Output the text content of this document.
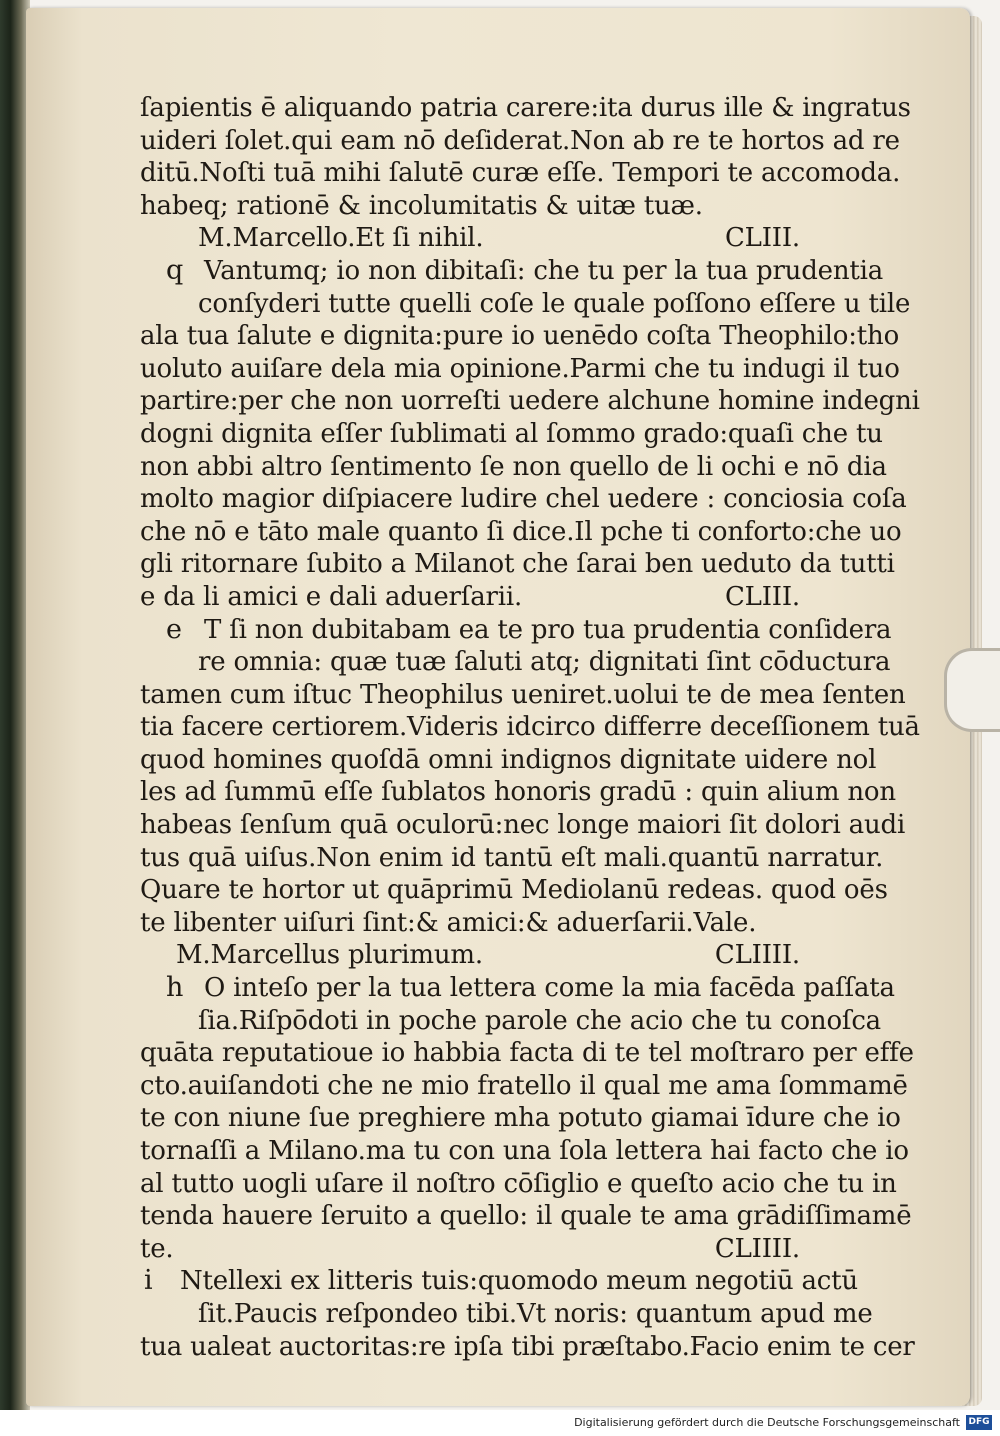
ſapientis ē aliquando patria carere:ita durus ille & ingratus
uideri ſolet.qui eam nō deſiderat.Non ab re te hortos ad re
ditū.Noſti tuā mihi ſalutē curæ eſſe. Tempori te accomoda.
habeq; rationē & incolumitatis & uitæ tuæ.
M.Marcello.Et ſi nihil.	CLIII.
q Vantumq; io non dibitaſi: che tu per la tua prudentia
conſyderi tutte quelli coſe le quale poſſono eſſere u tile
ala tua ſalute e dignita:pure io uenēdo coſta Theophilo:tho
uoluto auiſare dela mia opinione.Parmi che tu indugi il tuo
partire:per che non uorreſti uedere alchune homine indegni
dogni dignita eſſer ſublimati al ſommo grado:quaſi che tu
non abbi altro ſentimento ſe non quello de li ochi e nō dia
molto magior diſpiacere ludire chel uedere : conciosia coſa
che nō e tāto male quanto ſi dice.Il pche ti conforto:che uo
gli ritornare ſubito a Milanot che ſarai ben ueduto da tutti
e da li amici e dali aduerſarii.	CLIII.
e T ſi non dubitabam ea te pro tua prudentia conſidera
re omnia: quæ tuæ ſaluti atq; dignitati ſint cōductura
tamen cum iſtuc Theophilus ueniret.uolui te de mea ſenten
tia facere certiorem.Videris idcirco differre deceſſionem tuā
quod homines quoſdā omni indignos dignitate uidere nol
les ad ſummū eſſe ſublatos honoris gradū : quin alium non
habeas ſenſum quā oculorū:nec longe maiori ſit dolori audi
tus quā uiſus.Non enim id tantū eſt mali.quantū narratur.
Quare te hortor ut quāprimū Mediolanū redeas. quod oēs
te libenter uiſuri ſint:& amici:& aduerſarii.Vale.
M.Marcellus plurimum.	CLIIII.
h O inteſo per la tua lettera come la mia facēda paſſata
ſia.Riſpōdoti in poche parole che acio che tu conoſca
quāta reputatioue io habbia facta di te tel moſtraro per effe
cto.auiſandoti che ne mio fratello il qual me ama ſommamē
te con niune ſue preghiere mha potuto giamai īdure che io
tornaſſi a Milano.ma tu con una ſola lettera hai facto che io
al tutto uogli uſare il noſtro cōſiglio e queſto acio che tu in
tenda hauere ſeruito a quello: il quale te ama grādiſſimamē
te.	CLIIII.
i Ntellexi ex litteris tuis:quomodo meum negotiū actū
ſit.Paucis reſpondeo tibi.Vt noris: quantum apud me
tua ualeat auctoritas:re ipſa tibi præſtabo.Facio enim te cer
Digitalisierung gefördert durch die Deutsche Forschungsgemeinschaft DFG
